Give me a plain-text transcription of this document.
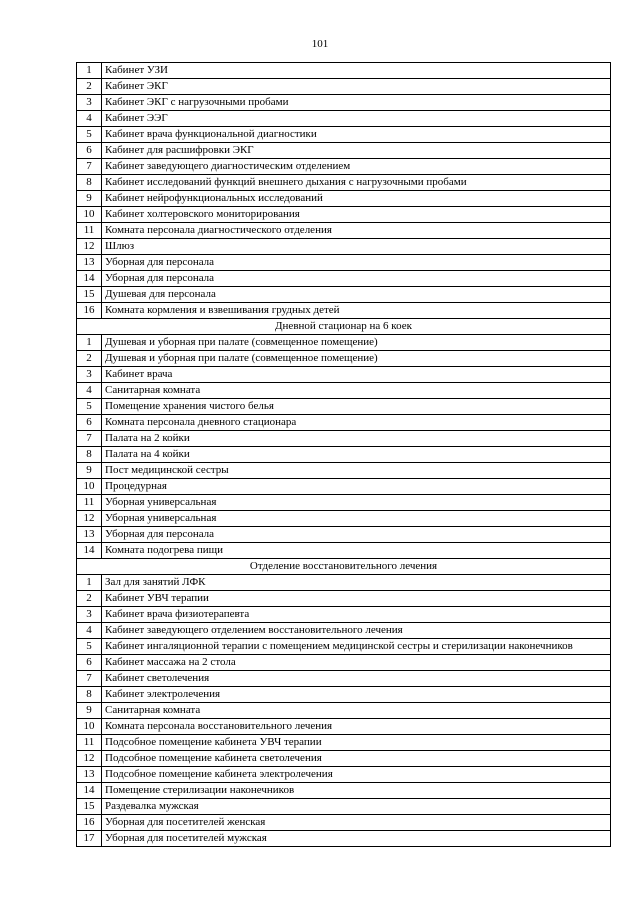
101
1	Кабинет УЗИ
2	Кабинет ЭКГ
3	Кабинет ЭКГ с нагрузочными пробами
4	Кабинет ЭЭГ
5	Кабинет врача функциональной диагностики
6	Кабинет для расшифровки ЭКГ
7	Кабинет заведующего диагностическим отделением
8	Кабинет исследований функций внешнего дыхания с нагрузочными пробами
9	Кабинет нейрофункциональных исследований
10	Кабинет холтеровского мониторирования
11	Комната персонала диагностического отделения
12	Шлюз
13	Уборная для персонала
14	Уборная для персонала
15	Душевая для персонала
16	Комната кормления и взвешивания грудных детей
Дневной стационар на 6 коек	
1	Душевая и уборная при палате (совмещенное помещение)
2	Душевая и уборная при палате (совмещенное помещение)
3	Кабинет врача
4	Санитарная комната
5	Помещение хранения чистого белья
6	Комната персонала дневного стационара
7	Палата на 2 койки
8	Палата на 4 койки
9	Пост медицинской сестры
10	Процедурная
11	Уборная универсальная
12	Уборная универсальная
13	Уборная для персонала
14	Комната подогрева пищи
Отделение восстановительного лечения	
1	Зал для занятий ЛФК
2	Кабинет УВЧ терапии
3	Кабинет врача физиотерапевта
4	Кабинет заведующего отделением восстановительного лечения
5	Кабинет ингаляционной терапии с помещением медицинской сестры и стерилизации наконечников
6	Кабинет массажа на 2 стола
7	Кабинет светолечения
8	Кабинет электролечения
9	Санитарная комната
10	Комната персонала восстановительного лечения
11	Подсобное помещение кабинета УВЧ терапии
12	Подсобное помещение кабинета светолечения
13	Подсобное помещение кабинета электролечения
14	Помещение стерилизации наконечников
15	Раздевалка мужская
16	Уборная для посетителей женская
17	Уборная для посетителей мужская
